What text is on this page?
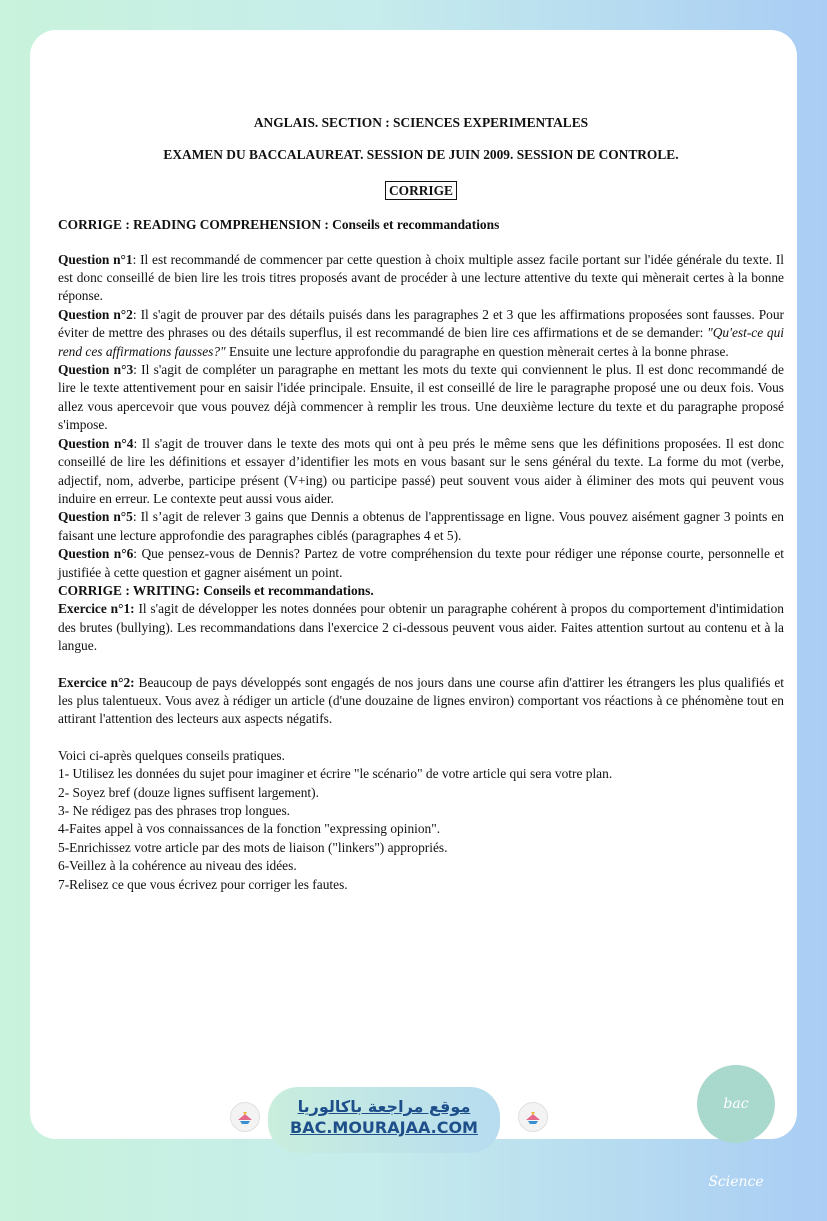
ANGLAIS. SECTION : SCIENCES EXPERIMENTALES
EXAMEN DU BACCALAUREAT. SESSION DE JUIN 2009. SESSION DE CONTROLE.
CORRIGE
CORRIGE : READING COMPREHENSION : Conseils et recommandations

Question n°1: Il est recommandé de commencer par cette question à choix multiple assez facile portant sur l'idée générale du texte. Il est donc conseillé de bien lire les trois titres proposés avant de procéder à une lecture attentive du texte qui mènerait certes à la bonne réponse.

Question n°2: Il s'agit de prouver par des détails puisés dans les paragraphes 2 et 3 que les affirmations proposées sont fausses. Pour éviter de mettre des phrases ou des détails superflus, il est recommandé de bien lire ces affirmations et de se demander: "Qu'est-ce qui rend ces affirmations fausses?" Ensuite une lecture approfondie du paragraphe en question mènerait certes à la bonne phrase.

Question n°3: Il s'agit de compléter un paragraphe en mettant les mots du texte qui conviennent le plus. Il est donc recommandé de lire le texte attentivement pour en saisir l'idée principale. Ensuite, il est conseillé de lire le paragraphe proposé une ou deux fois. Vous allez vous apercevoir que vous pouvez déjà commencer à remplir les trous. Une deuxième lecture du texte et du paragraphe proposé s'impose.

Question n°4: Il s'agit de trouver dans le texte des mots qui ont à peu prés le même sens que les définitions proposées. Il est donc conseillé de lire les définitions et essayer d’identifier les mots en vous basant sur le sens général du texte. La forme du mot (verbe, adjectif, nom, adverbe, participe présent (V+ing) ou participe passé) peut souvent vous aider à éliminer des mots qui peuvent vous induire en erreur. Le contexte peut aussi vous aider.

Question n°5: Il s’agit de relever 3 gains que Dennis a obtenus de l'apprentissage en ligne. Vous pouvez aisément gagner 3 points en faisant une lecture approfondie des paragraphes ciblés (paragraphes 4 et 5).

Question n°6: Que pensez-vous de Dennis? Partez de votre compréhension du texte pour rédiger une réponse courte, personnelle et justifiée à cette question et gagner aisément un point.

CORRIGE : WRITING: Conseils et recommandations.

Exercice n°1: Il s'agit de développer les notes données pour obtenir un paragraphe cohérent à propos du comportement d'intimidation des brutes (bullying). Les recommandations dans l'exercice 2 ci-dessous peuvent vous aider. Faites attention surtout au contenu et à la langue.

Exercice n°2: Beaucoup de pays développés sont engagés de nos jours dans une course afin d'attirer les étrangers les plus qualifiés et les plus talentueux. Vous avez à rédiger un article (d'une douzaine de lignes environ) comportant vos réactions à ce phénomène tout en attirant l'attention des lecteurs aux aspects négatifs.

Voici ci-après quelques conseils pratiques.
1- Utilisez les données du sujet pour imaginer et écrire "le scénario" de votre article qui sera votre plan.
2- Soyez bref (douze lignes suffisent largement).
3- Ne rédigez pas des phrases trop longues.
4-Faites appel à vos connaissances de la fonction "expressing opinion".
5-Enrichissez votre article par des mots de liaison ("linkers") appropriés.
6-Veillez à la cohérence au niveau des idées.
7-Relisez ce que vous écrivez pour corriger les fautes.
موقع مراجعة باكالوريا
BAC.MOURAJAA.COM
bac Science
